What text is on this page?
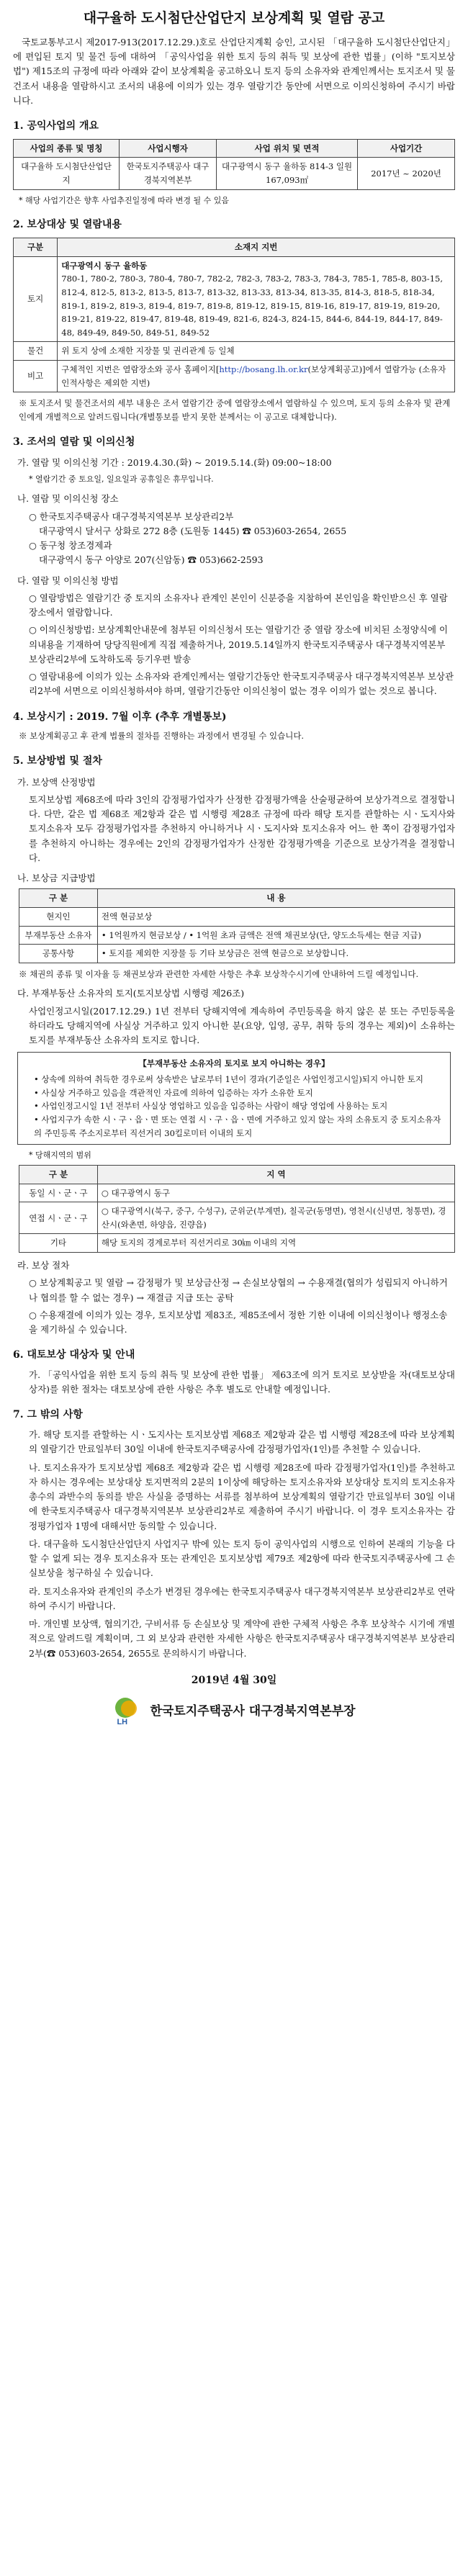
대구율하 도시첨단산업단지 보상계획 및 열람 공고

국토교통부고시 제2017-913(2017.12.29.)호로 산업단지계획 승인, 고시된 「대구율하 도시첨단산업단지」에 편입된 토지 및 물건 등에 대하여 「공익사업을 위한 토지 등의 취득 및 보상에 관한 법률」(이하 "토지보상법") 제15조의 규정에 따라 아래와 같이 보상계획을 공고하오니 토지 등의 소유자와 관계인께서는 토지조서 및 물건조서 내용을 열람하시고 조서의 내용에 이의가 있는 경우 열람기간 동안에 서면으로 이의신청하여 주시기 바랍니다.

1. 공익사업의 개요
사업의 종류 및 명칭	사업시행자	사업 위치 및 면적	사업기간
대구율하 도시첨단산업단지	한국토지주택공사 대구경북지역본부	대구광역시 동구 율하동 814-3 일원 167,093㎡	2017년 ~ 2020년

* 해당 사업기간은 향후 사업추진일정에 따라 변경 될 수 있음

2. 보상대상 및 열람내용
구분	소재지 지번
토지	대구광역시 동구 율하동
780-1, 780-2, 780-3, 780-4, 780-7, 782-2, 782-3, 783-2, 783-3, 784-3, 785-1, 785-8, 803-15, 812-4, 812-5, 813-2, 813-5, 813-7, 813-32, 813-33, 813-34, 813-35, 814-3, 818-5, 818-34, 819-1, 819-2, 819-3, 819-4, 819-7, 819-8, 819-12, 819-15, 819-16, 819-17, 819-19, 819-20, 819-21, 819-22, 819-47, 819-48, 819-49, 821-6, 824-3, 824-15, 844-6, 844-19, 844-17, 849-48, 849-49, 849-50, 849-51, 849-52

물건	위 토지 상에 소재한 지장물 및 권리관계 등 일체
비고	구체적인 지번은 열람장소와 공사 홈페이지[http://bosang.lh.or.kr(보상계획공고)]에서 열람가능 (소유자 인적사항은 제외한 지번)

※ 토지조서 및 물건조서의 세부 내용은 조서 열람기간 중에 열람장소에서 열람하실 수 있으며, 토지 등의 소유자 및 관계인에게 개별적으로 알려드립니다(개별통보를 받지 못한 분께서는 이 공고로 대체합니다).

3. 조서의 열람 및 이의신청

가. 열람 및 이의신청 기간 : 2019.4.30.(화) ~ 2019.5.14.(화) 09:00~18:00

* 열람기간 중 토요일, 일요일과 공휴일은 휴무입니다.

나. 열람 및 이의신청 장소

○ 한국토지주택공사 대구경북지역본부 보상관리2부

대구광역시 달서구 상화로 272 8층 (도원동 1445) ☎ 053)603-2654, 2655

○ 동구청 창조경제과

대구광역시 동구 아양로 207(신암동) ☎ 053)662-2593

다. 열람 및 이의신청 방법

○ 열람방법은 열람기간 중 토지의 소유자나 관계인 본인이 신분증을 지참하여 본인임을 확인받으신 후 열람 장소에서 열람합니다.

○ 이의신청방법: 보상계획안내문에 첨부된 이의신청서 또는 열람기간 중 열람 장소에 비치된 소정양식에 이의내용을 기재하여 당당직원에게 직접 제출하거나, 2019.5.14일까지 한국토지주택공사 대구경북지역본부 보상관리2부에 도착하도록 등기우편 발송

○ 열람내용에 이의가 있는 소유자와 관계인께서는 열람기간동안 한국토지주택공사 대구경북지역본부 보상관리2부에 서면으로 이의신청하셔야 하며, 열람기간동안 이의신청이 없는 경우 이의가 없는 것으로 봅니다.

4. 보상시기 : 2019. 7월 이후 (추후 개별통보)

※ 보상계획공고 후 관계 법률의 절차를 진행하는 과정에서 변경될 수 있습니다.

5. 보상방법 및 절차

가. 보상액 산정방법

토지보상법 제68조에 따라 3인의 감정평가업자가 산정한 감정평가액을 산술평균하여 보상가격으로 결정합니다. 다만, 같은 법 제68조 제2항과 같은 법 시행령 제28조 규정에 따라 해당 토지를 관할하는 시ㆍ도지사와 토지소유자 모두 감정평가업자를 추천하지 아니하거나 시ㆍ도지사와 토지소유자 어느 한 쪽이 감정평가업자를 추천하지 아니하는 경우에는 2인의 감정평가업자가 산정한 감정평가액을 기준으로 보상가격을 결정합니다.

나. 보상금 지급방법

구 분	내 용
현지인	전액 현금보상
부재부동산 소유자	• 1억원까지 현금보상 / • 1억원 초과 금액은 전액 채권보상(단, 양도소득세는 현금 지급)
공통사항	• 토지를 제외한 지장물 등 기타 보상금은 전액 현금으로 보상합니다.

※ 채권의 종류 및 이자율 등 채권보상과 관련한 자세한 사항은 추후 보상착수시기에 안내하여 드릴 예정입니다.

다. 부재부동산 소유자의 토지(토지보상법 시행령 제26조)

사업인정고시일(2017.12.29.) 1년 전부터 당해지역에 계속하여 주민등록을 하지 않은 분 또는 주민등록을 하더라도 당해지역에 사실상 거주하고 있지 아니한 분(요양, 입영, 공무, 취학 등의 경우는 제외)이 소유하는 토지를 부재부동산 소유자의 토지로 합니다.

【부재부동산 소유자의 토지로 보지 아니하는 경우】

• 상속에 의하여 취득한 경우로써 상속받은 날로부터 1년이 경과(기준일은 사업인정고시일)되지 아니한 토지

• 사실상 거주하고 있음을 객관적인 자료에 의하여 입증하는 자가 소유한 토지

• 사업인정고시일 1년 전부터 사실상 영업하고 있음을 입증하는 사람이 해당 영업에 사용하는 토지

• 사업지구가 속한 시ㆍ구ㆍ읍ㆍ면 또는 연접 시ㆍ구ㆍ읍ㆍ면에 거주하고 있지 않는 자의 소유토지 중 토지소유자의 주민등록 주소지로부터 직선거리 30킬로미터 이내의 토지

* 당해지역의 범위

구 분	지 역
동일 시ㆍ군ㆍ구	○ 대구광역시 동구
연접 시ㆍ군ㆍ구	○ 대구광역시(북구, 중구, 수성구), 군위군(부계면), 칠곡군(동명면), 영천시(신녕면, 청통면), 경산시(와촌면, 하양읍, 진량읍)
기타	해당 토지의 경계로부터 직선거리로 30㎞ 이내의 지역

라. 보상 절차

○ 보상계획공고 및 열람 → 감정평가 및 보상금산정 → 손실보상협의 → 수용재결(협의가 성립되지 아니하거나 협의를 할 수 없는 경우) → 재결금 지급 또는 공탁

○ 수용재결에 이의가 있는 경우, 토지보상법 제83조, 제85조에서 정한 기한 이내에 이의신청이나 행정소송을 제기하실 수 있습니다.

6. 대토보상 대상자 및 안내

가. 「공익사업을 위한 토지 등의 취득 및 보상에 관한 법률」 제63조에 의거 토지로 보상받을 자(대토보상대상자)를 위한 절차는 대토보상에 관한 사항은 추후 별도로 안내할 예정입니다.

7. 그 밖의 사항

가. 해당 토지를 관할하는 시ㆍ도지사는 토지보상법 제68조 제2항과 같은 법 시행령 제28조에 따라 보상계획의 열람기간 만료일부터 30일 이내에 한국토지주택공사에 감정평가업자(1인)를 추천할 수 있습니다.

나. 토지소유자가 토지보상법 제68조 제2항과 같은 법 시행령 제28조에 따라 감정평가업자(1인)를 추천하고자 하시는 경우에는 보상대상 토지면적의 2분의 1이상에 해당하는 토지소유자와 보상대상 토지의 토지소유자 총수의 과반수의 동의를 받은 사실을 증명하는 서류를 첨부하여 보상계획의 열람기간 만료일부터 30일 이내에 한국토지주택공사 대구경북지역본부 보상관리2부로 제출하여 주시기 바랍니다. 이 경우 토지소유자는 감정평가업자 1명에 대해서만 동의할 수 있습니다.

다. 대구율하 도시첨단산업단지 사업지구 밖에 있는 토지 등이 공익사업의 시행으로 인하여 본래의 기능을 다할 수 없게 되는 경우 토지소유자 또는 관계인은 토지보상법 제79조 제2항에 따라 한국토지주택공사에 그 손실보상을 청구하실 수 있습니다.

라. 토지소유자와 관계인의 주소가 변경된 경우에는 한국토지주택공사 대구경북지역본부 보상관리2부로 연락하여 주시기 바랍니다.

마. 개인별 보상액, 협의기간, 구비서류 등 손실보상 및 계약에 관한 구체적 사항은 추후 보상착수 시기에 개별적으로 알려드릴 계획이며, 그 외 보상과 관련한 자세한 사항은 한국토지주택공사 대구경북지역본부 보상관리2부(☎ 053)603-2654, 2655로 문의하시기 바랍니다.

2019년 4월 30일
LH
한국토지주택공사 대구경북지역본부장
